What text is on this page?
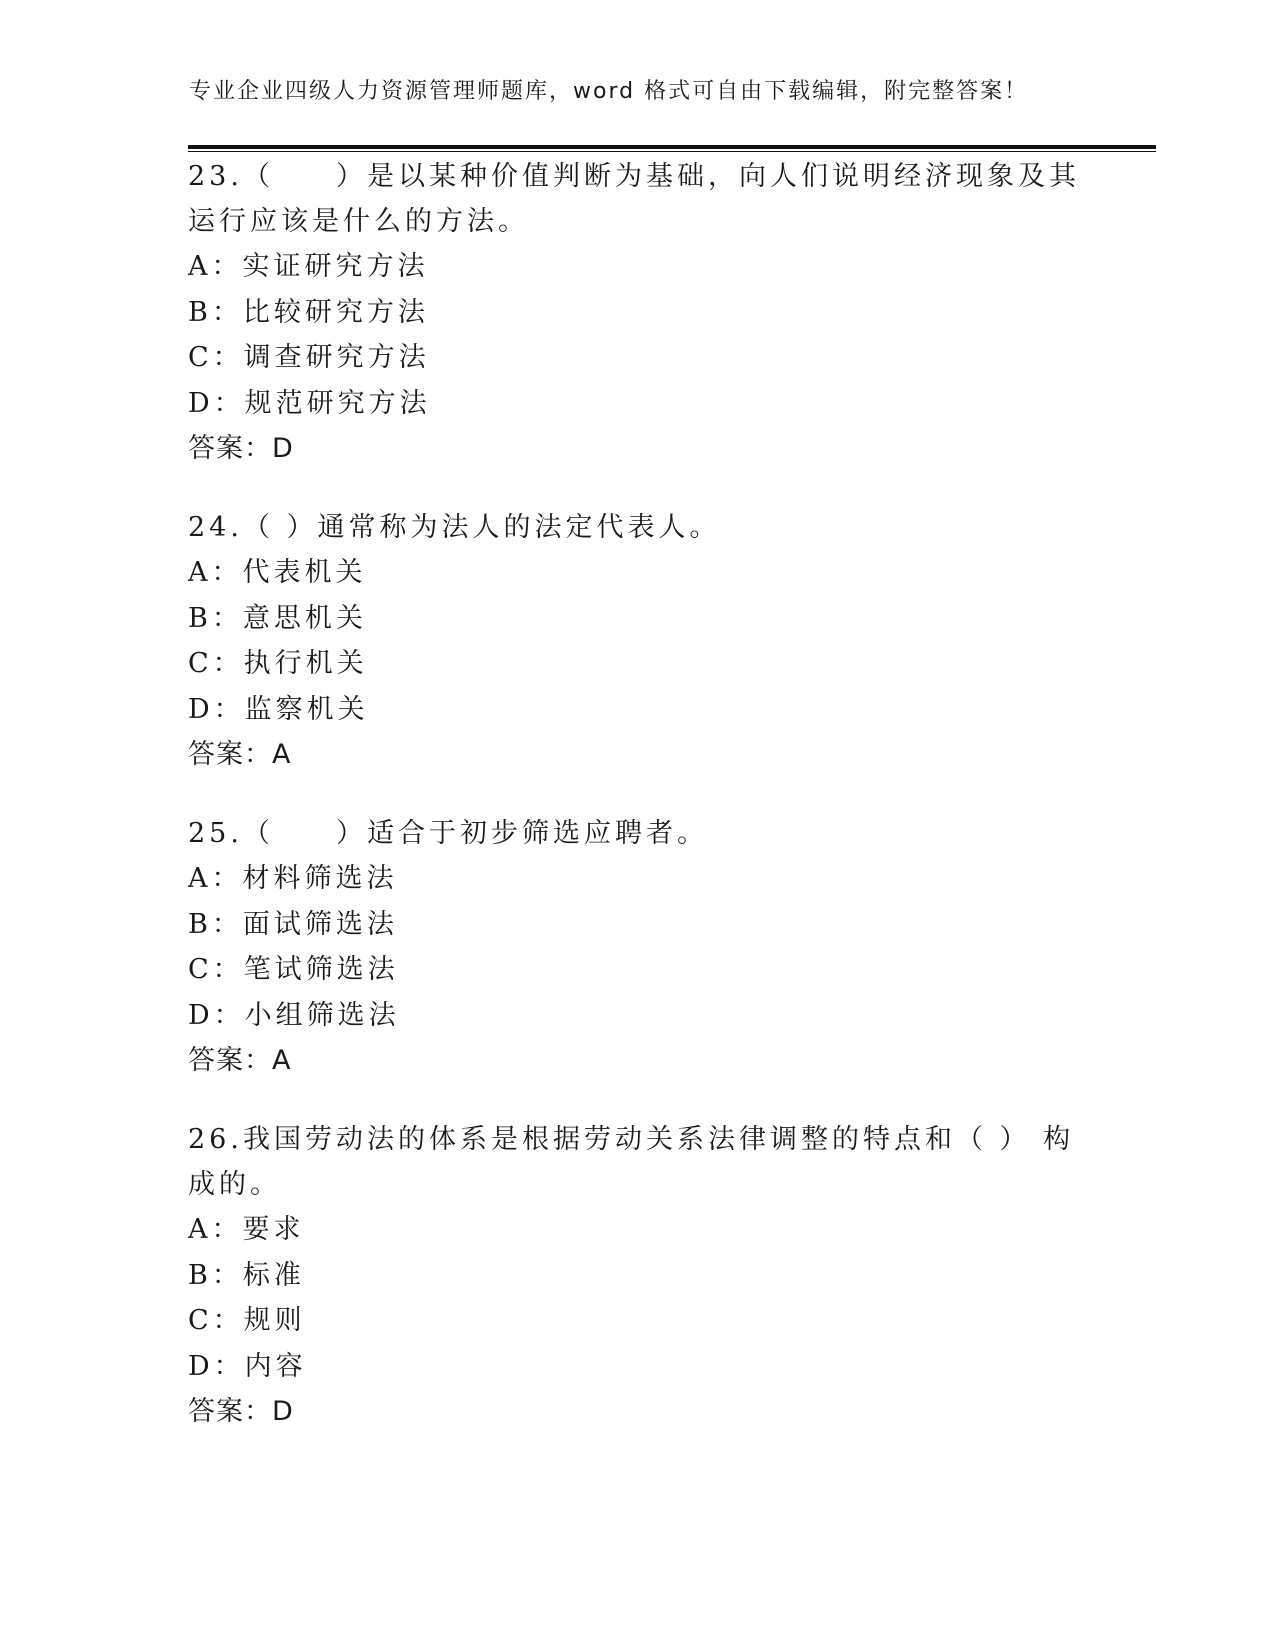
专业企业四级人力资源管理师题库，word 格式可自由下载编辑，附完整答案！

23.（　　）是以某种价值判断为基础，向人们说明经济现象及其运行应该是什么的方法。

A：实证研究方法

B：比较研究方法

C：调查研究方法

D：规范研究方法

答案：D

24.（ ）通常称为法人的法定代表人。

A：代表机关

B：意思机关

C：执行机关

D：监察机关

答案：A

25.（　　）适合于初步筛选应聘者。

A：材料筛选法

B：面试筛选法

C：笔试筛选法

D：小组筛选法

答案：A

26.我国劳动法的体系是根据劳动关系法律调整的特点和（ ） 构成的。

A：要求

B：标准

C：规则

D：内容

答案：D
